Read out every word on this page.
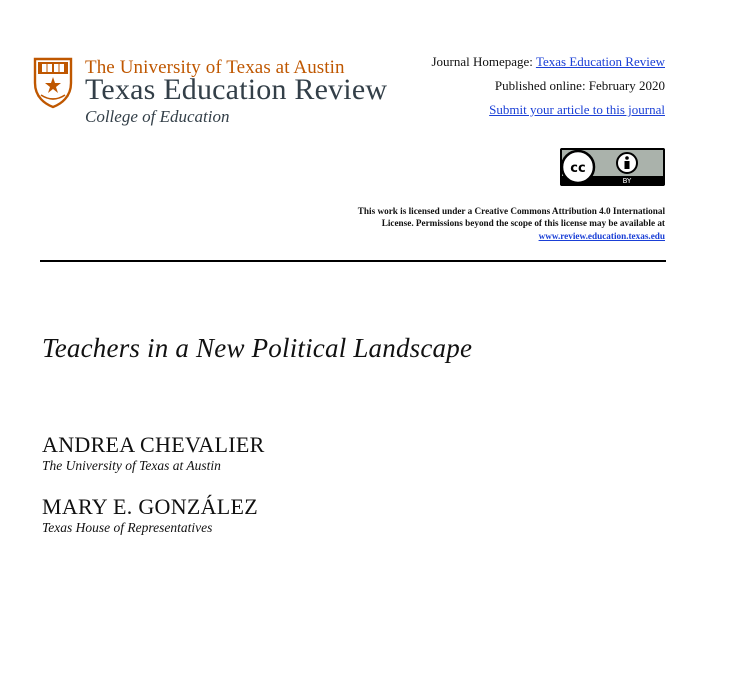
The University of Texas at Austin
Texas Education Review
College of Education
Journal Homepage: Texas Education Review
Published online: February 2020
Submit your article to this journal
cc
BY
This work is licensed under a Creative Commons Attribution 4.0 International License. Permissions beyond the scope of this license may be available at www.review.education.texas.edu
Teachers in a New Political Landscape
ANDREA CHEVALIER
The University of Texas at Austin
MARY E. GONZÁLEZ
Texas House of Representatives
